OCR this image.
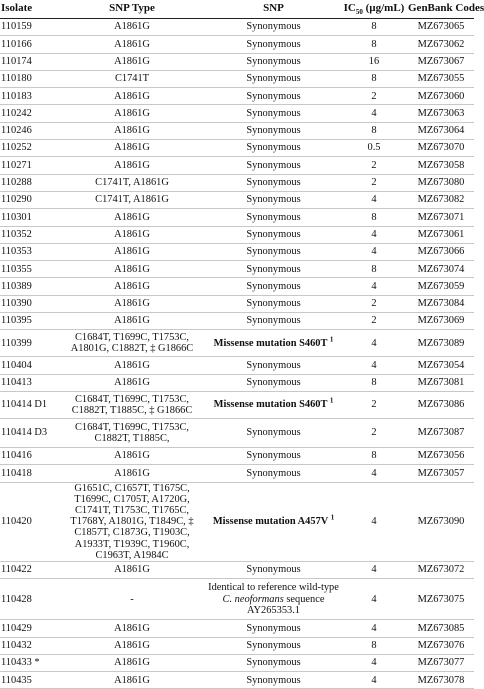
Isolate	SNP Type	SNP	$IC_{50}$ (µg/mL)	GenBank Codes
110159	A1861G	Synonymous	8	MZ673065
110166	A1861G	Synonymous	8	MZ673062
110174	A1861G	Synonymous	16	MZ673067
110180	C1741T	Synonymous	8	MZ673055
110183	A1861G	Synonymous	2	MZ673060
110242	A1861G	Synonymous	4	MZ673063
110246	A1861G	Synonymous	8	MZ673064
110252	A1861G	Synonymous	0.5	MZ673070
110271	A1861G	Synonymous	2	MZ673058
110288	C1741T, A1861G	Synonymous	2	MZ673080
110290	C1741T, A1861G	Synonymous	4	MZ673082
110301	A1861G	Synonymous	8	MZ673071
110352	A1861G	Synonymous	4	MZ673061
110353	A1861G	Synonymous	4	MZ673066
110355	A1861G	Synonymous	8	MZ673074
110389	A1861G	Synonymous	4	MZ673059
110390	A1861G	Synonymous	2	MZ673084
110395	A1861G	Synonymous	2	MZ673069
110399	C1684T, T1699C, T1753C, A1801G, C1882T, ‡ G1866C	Missense mutation S460T $^1$	4	MZ673089
110404	A1861G	Synonymous	4	MZ673054
110413	A1861G	Synonymous	8	MZ673081
110414 D1	C1684T, T1699C, T1753C, C1882T, T1885C, ‡ G1866C	Missense mutation S460T $^1$	2	MZ673086
110414 D3	C1684T, T1699C, T1753C, C1882T, T1885C,	Synonymous	2	MZ673087
110416	A1861G	Synonymous	8	MZ673056
110418	A1861G	Synonymous	4	MZ673057
110420	G1651C, C1657T, T1675C, T1699C, C1705T, A1720G, C1741T, T1753C, T1765C, T1768Y, A1801G, T1849C, ‡ C1857T, C1873G, T1903C, A1933T, T1939C, T1960C, C1963T, A1984C	Missense mutation A457V $^1$	4	MZ673090
110422	A1861G	Synonymous	4	MZ673072
110428	-	Identical to reference wild-type C. neoformans sequence AY265353.1	4	MZ673075
110429	A1861G	Synonymous	4	MZ673085
110432	A1861G	Synonymous	8	MZ673076
110433 *	A1861G	Synonymous	4	MZ673077
110435	A1861G	Synonymous	4	MZ673078
